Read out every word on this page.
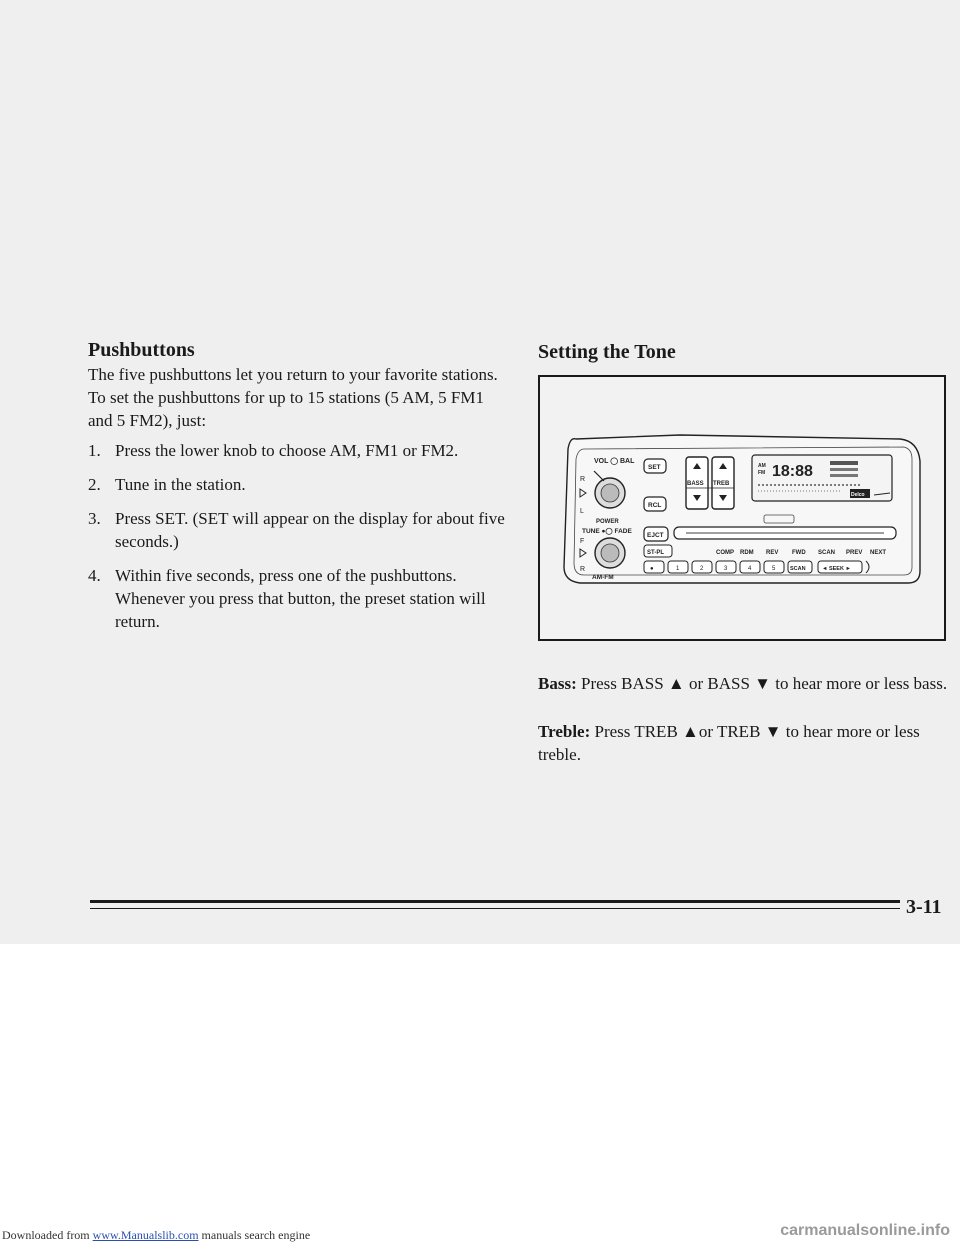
Pushbuttons

The five pushbuttons let you return to your favorite stations. To set the pushbuttons for up to 15 stations (5 AM, 5 FM1 and 5 FM2), just:

1. Press the lower knob to choose AM, FM1 or FM2.
2. Tune in the station.
3. Press SET. (SET will appear on the display for about five seconds.)
4. Within five seconds, press one of the pushbuttons. Whenever you press that button, the preset station will return.
Setting the Tone
VOL ◯ BAL
R
L
POWER
TUNE ●◯ FADE
F
R
AM-FM
SET
RCL
EJCT
BASS TREB
AM
FM 18:88
Delco
ST-PL	COMP RDM REV FWD SCAN PREV NEXT
●	1	2	3	4	5	SCAN	◄ SEEK ►

Bass: Press BASS ▲ or BASS ▼ to hear more or less bass.

Treble: Press TREB ▲or TREB ▼ to hear more or less treble.

3-11
Downloaded from www.Manualslib.com manuals search engine	carmanualsonline.info
